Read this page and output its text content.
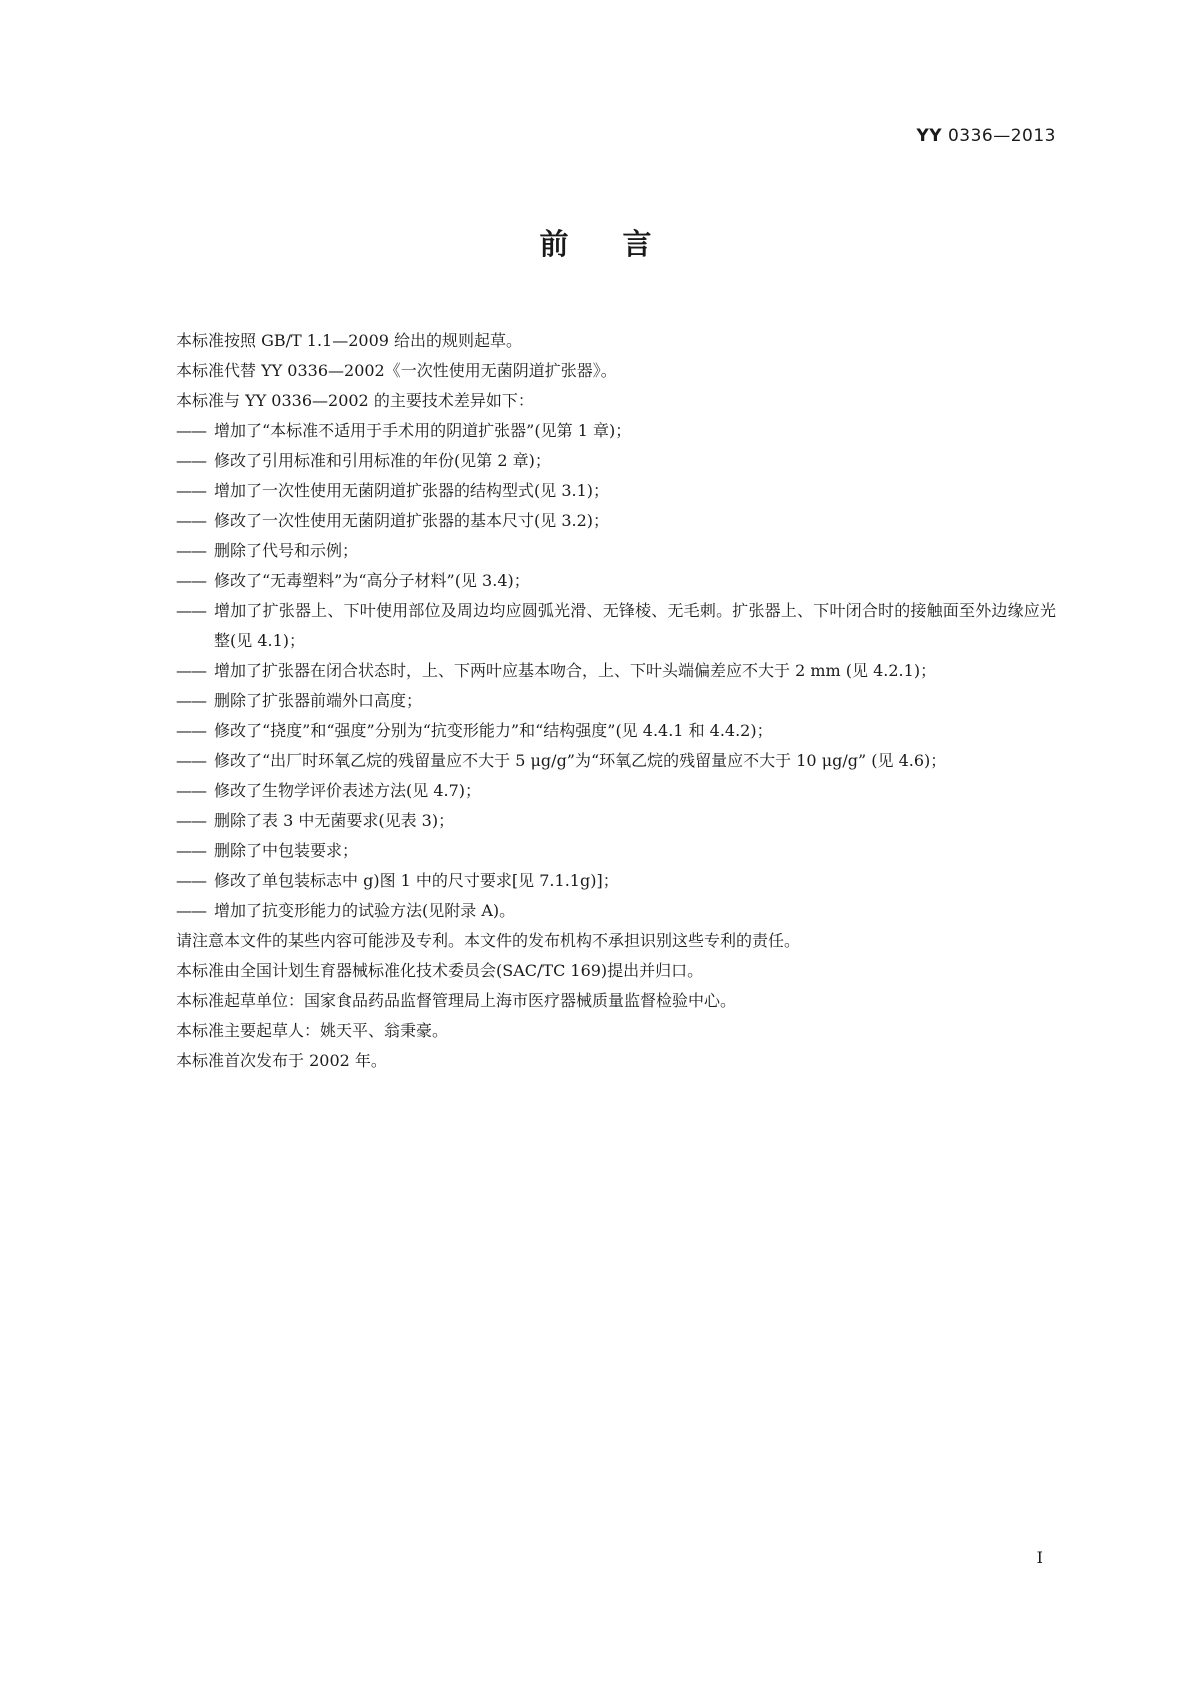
YY 0336—2013

前言

本标准按照 GB/T 1.1—2009 给出的规则起草。

本标准代替 YY 0336—2002《一次性使用无菌阴道扩张器》。

本标准与 YY 0336—2002 的主要技术差异如下：

—— 增加了“本标准不适用于手术用的阴道扩张器”(见第 1 章)；

—— 修改了引用标准和引用标准的年份(见第 2 章)；

—— 增加了一次性使用无菌阴道扩张器的结构型式(见 3.1)；

—— 修改了一次性使用无菌阴道扩张器的基本尺寸(见 3.2)；

—— 删除了代号和示例；

—— 修改了“无毒塑料”为“高分子材料”(见 3.4)；

—— 增加了扩张器上、下叶使用部位及周边均应圆弧光滑、无锋棱、无毛刺。扩张器上、下叶闭合时的接触面至外边缘应光整(见 4.1)；

—— 增加了扩张器在闭合状态时，上、下两叶应基本吻合，上、下叶头端偏差应不大于 2 mm (见 4.2.1)；

—— 删除了扩张器前端外口高度；

—— 修改了“挠度”和“强度”分别为“抗变形能力”和“结构强度”(见 4.4.1 和 4.4.2)；

—— 修改了“出厂时环氧乙烷的残留量应不大于 5 μg/g”为“环氧乙烷的残留量应不大于 10 μg/g” (见 4.6)；

—— 修改了生物学评价表述方法(见 4.7)；

—— 删除了表 3 中无菌要求(见表 3)；

—— 删除了中包装要求；

—— 修改了单包装标志中 g)图 1 中的尺寸要求[见 7.1.1g)]；

—— 增加了抗变形能力的试验方法(见附录 A)。

请注意本文件的某些内容可能涉及专利。本文件的发布机构不承担识别这些专利的责任。

本标准由全国计划生育器械标准化技术委员会(SAC/TC 169)提出并归口。

本标准起草单位：国家食品药品监督管理局上海市医疗器械质量监督检验中心。

本标准主要起草人：姚天平、翁秉豪。

本标准首次发布于 2002 年。

I
